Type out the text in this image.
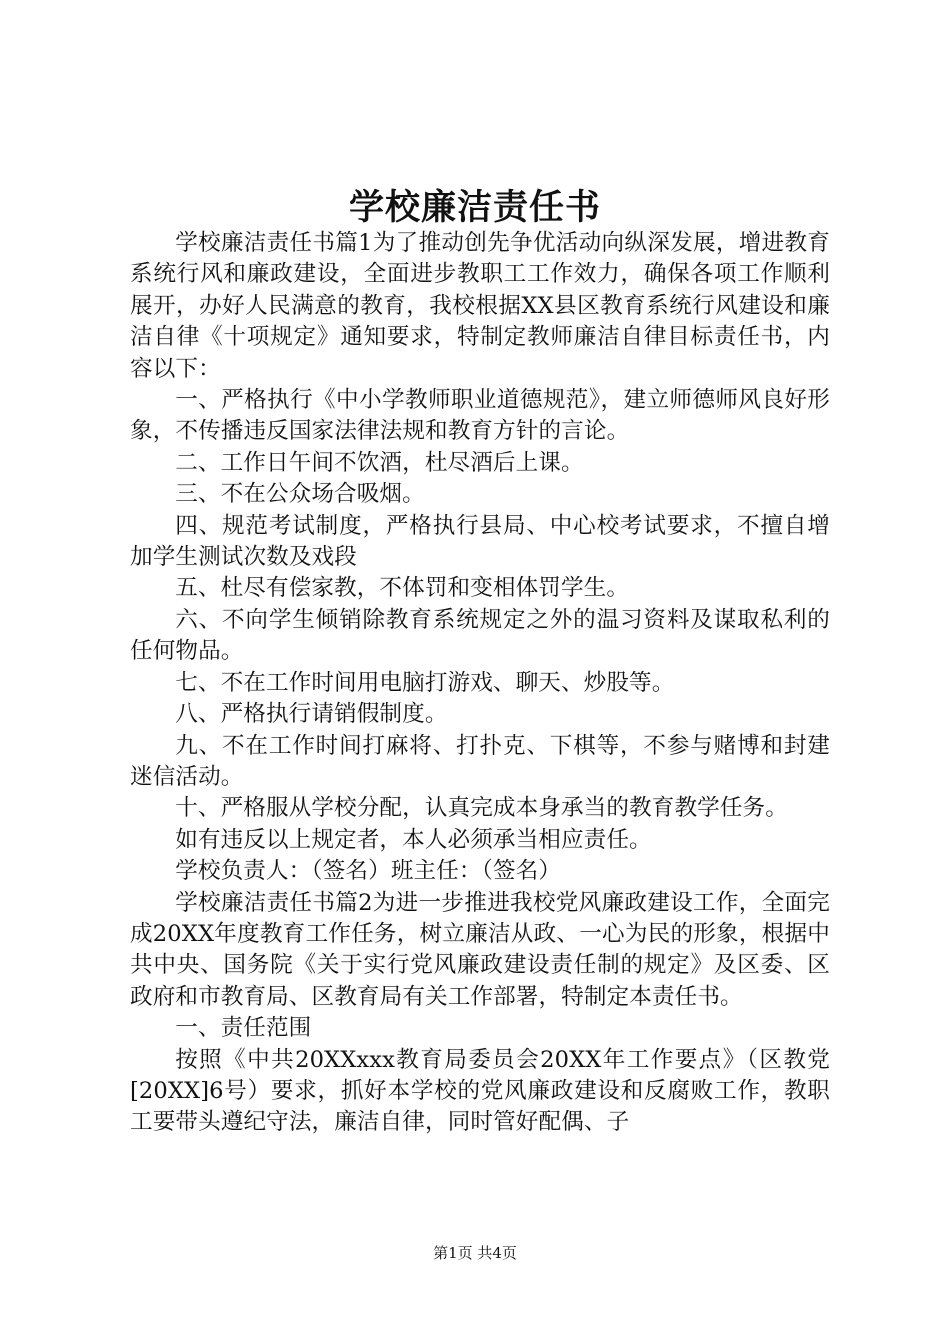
学校廉洁责任书

学校廉洁责任书篇1为了推动创先争优活动向纵深发展，增进教育系统行风和廉政建设，全面进步教职工工作效力，确保各项工作顺利展开，办好人民满意的教育，我校根据XX县区教育系统行风建设和廉洁自律《十项规定》通知要求，特制定教师廉洁自律目标责任书，内容以下：

一、严格执行《中小学教师职业道德规范》，建立师德师风良好形象，不传播违反国家法律法规和教育方针的言论。

二、工作日午间不饮酒，杜尽酒后上课。

三、不在公众场合吸烟。

四、规范考试制度，严格执行县局、中心校考试要求，不擅自增加学生测试次数及戏段

五、杜尽有偿家教，不体罚和变相体罚学生。

六、不向学生倾销除教育系统规定之外的温习资料及谋取私利的任何物品。

七、不在工作时间用电脑打游戏、聊天、炒股等。

八、严格执行请销假制度。

九、不在工作时间打麻将、打扑克、下棋等，不参与赌博和封建迷信活动。

十、严格服从学校分配，认真完成本身承当的教育教学任务。

如有违反以上规定者，本人必须承当相应责任。

学校负责人：（签名）班主任：（签名）

学校廉洁责任书篇2为进一步推进我校党风廉政建设工作，全面完成20XX年度教育工作任务，树立廉洁从政、一心为民的形象，根据中共中央、国务院《关于实行党风廉政建设责任制的规定》及区委、区政府和市教育局、区教育局有关工作部署，特制定本责任书。

一、责任范围

按照《中共20XXxxx教育局委员会20XX年工作要点》（区教党[20XX]6号）要求，抓好本学校的党风廉政建设和反腐败工作，教职工要带头遵纪守法，廉洁自律，同时管好配偶、子

第1页 共4页
